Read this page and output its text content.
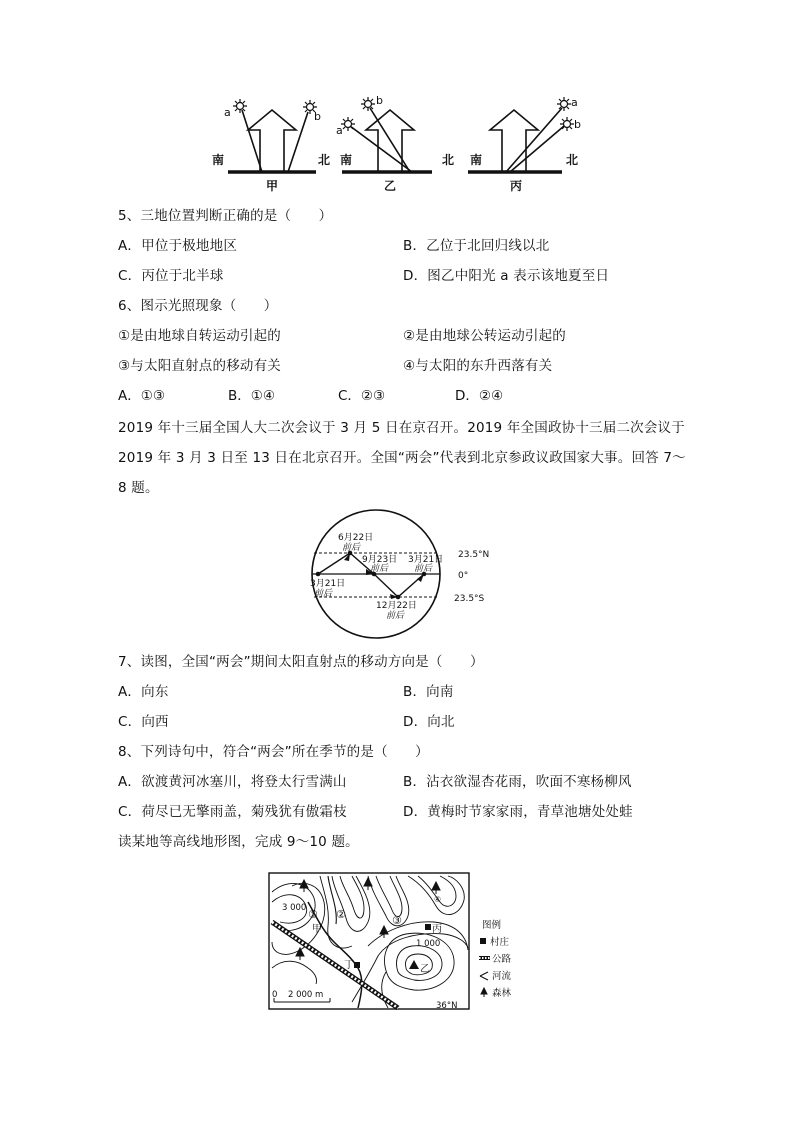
a	b
b
a
a
b
南	北 南	北 南	北
甲	乙	丙
5、三地位置判断正确的是（　　）
A．甲位于极地地区	B．乙位于北回归线以北
C．丙位于北半球	D．图乙中阳光 a 表示该地夏至日
6、图示光照现象（　　）
①是由地球自转运动引起的	②是由地球公转运动引起的
③与太阳直射点的移动有关	④与太阳的东升西落有关
A．①③	B．①④	C．②③	D．②④
2019 年十三届全国人大二次会议于 3 月 5 日在京召开。2019 年全国政协十三届二次会议于
2019 年 3 月 3 日至 13 日在北京召开。全国“两会”代表到北京参政议政国家大事。回答 7～
8 题。
6月22日
前后
9月23日
前后
3月21日
前后
3月21日
前后
12月22日
前后
23.5°N
0°
23.5°S
7、读图，全国“两会”期间太阳直射点的移动方向是（　　）
A．向东	B．向南
C．向西	D．向北
8、下列诗句中，符合“两会”所在季节的是（　　）
A．欲渡黄河冰塞川，将登太行雪满山	B．沾衣欲湿杏花雨，吹面不寒杨柳风
C．荷尽已无擎雨盖，菊残犹有傲霜枝	D．黄梅时节家家雨，青草池塘处处蛙
读某地等高线地形图，完成 9～10 题。
3 000
1 000
36°N
① ②	③
④
甲	丙
丁	乙
0 2 000 m
图例
村庄
公路
河流
森林
